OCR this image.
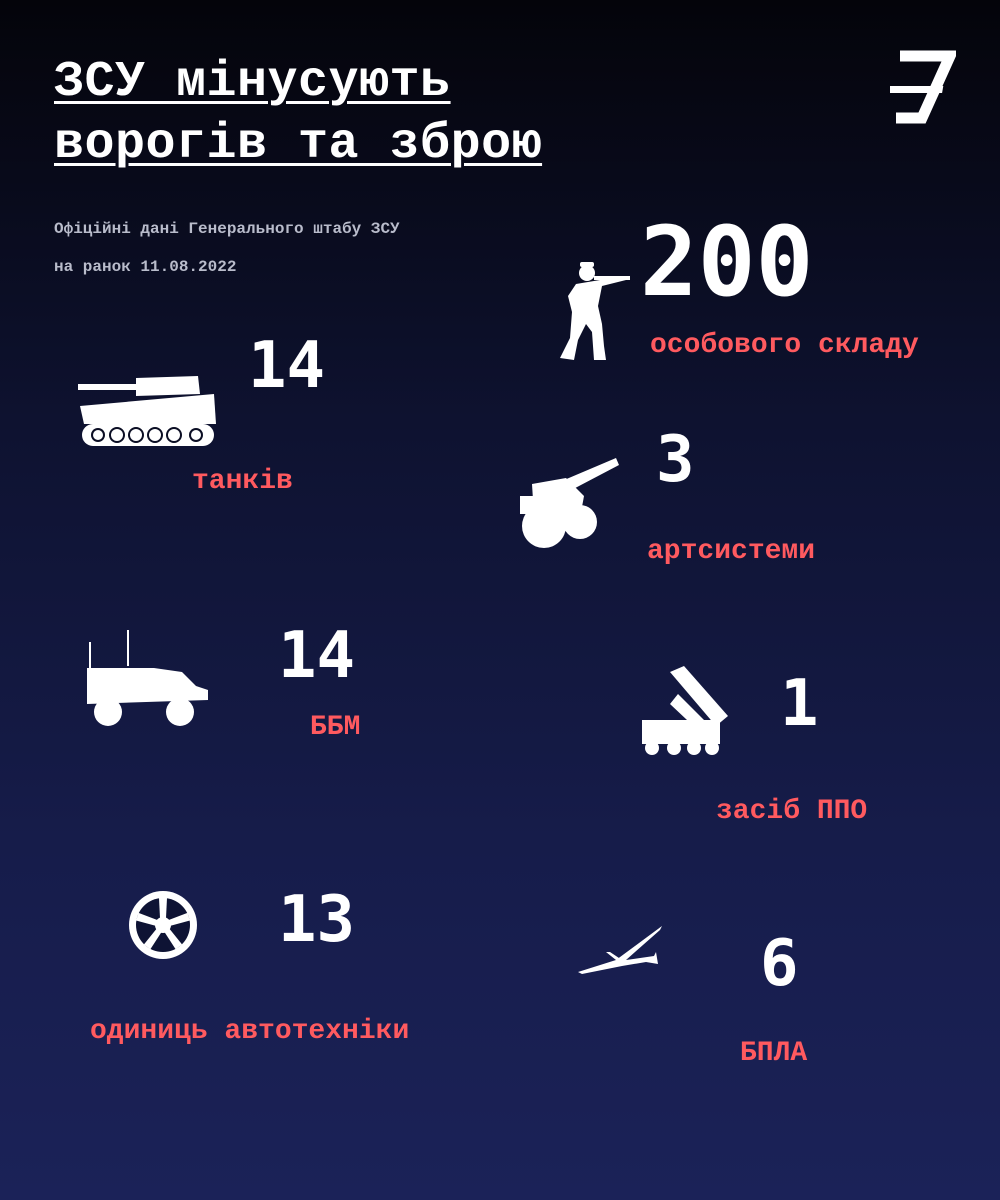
ЗСУ мінусують
ворогів та зброю
Офіційні дані Генерального штабу ЗСУ
на ранок 11.08.2022	200
особового складу
14
танків	3
артсистеми
14
ББМ	1
засіб ППО
13
одиниць автотехніки
6
БПЛА
